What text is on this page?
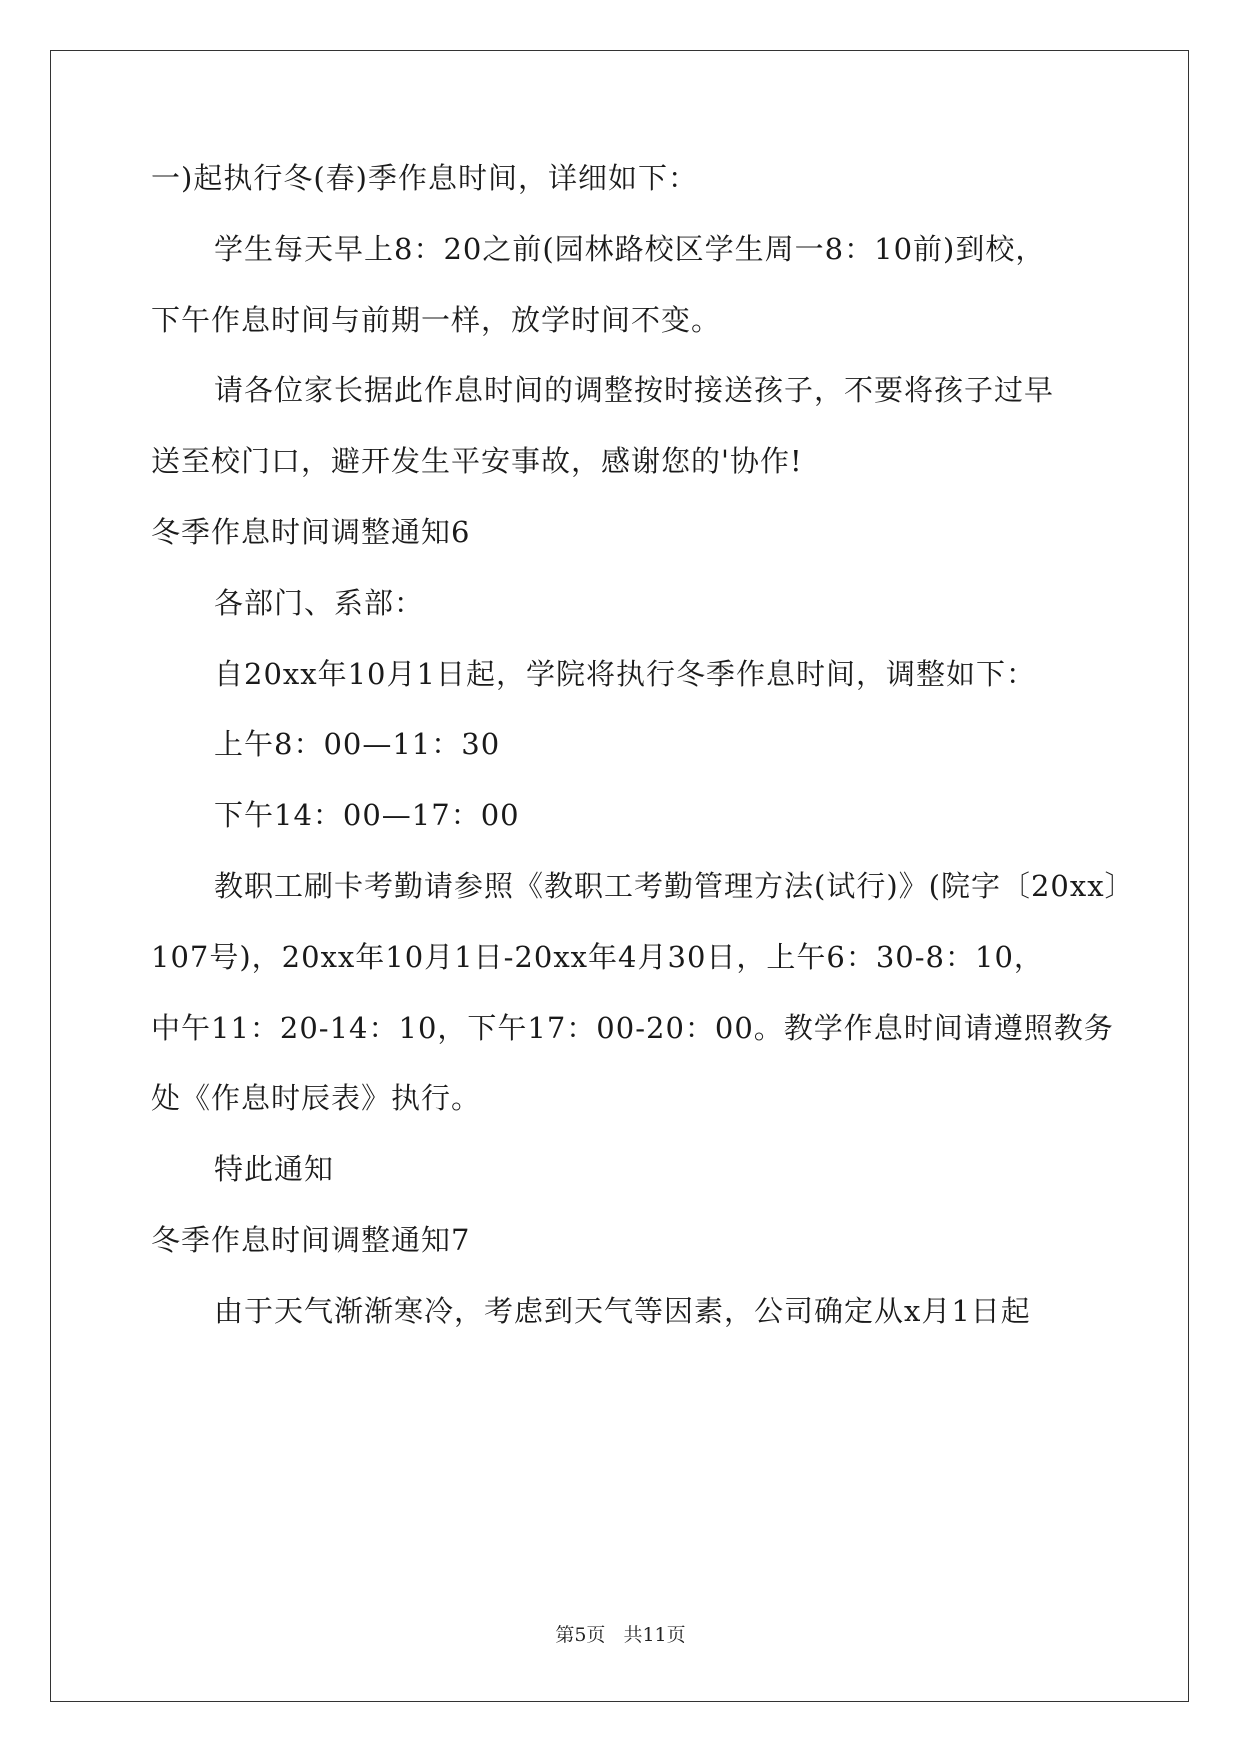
一)起执行冬(春)季作息时间，详细如下：
学生每天早上8：20之前(园林路校区学生周一8：10前)到校，
下午作息时间与前期一样，放学时间不变。
请各位家长据此作息时间的调整按时接送孩子，不要将孩子过早
送至校门口，避开发生平安事故，感谢您的'协作!
冬季作息时间调整通知6
各部门、系部：
自20xx年10月1日起，学院将执行冬季作息时间，调整如下：
上午8：00—11：30
下午14：00—17：00
教职工刷卡考勤请参照《教职工考勤管理方法(试行)》(院字〔20xx〕
107号)，20xx年10月1日-20xx年4月30日，上午6：30-8：10，
中午11：20-14：10，下午17：00-20：00。教学作息时间请遵照教务
处《作息时辰表》执行。
特此通知
冬季作息时间调整通知7
由于天气渐渐寒冷，考虑到天气等因素，公司确定从x月1日起
第5页 共11页
